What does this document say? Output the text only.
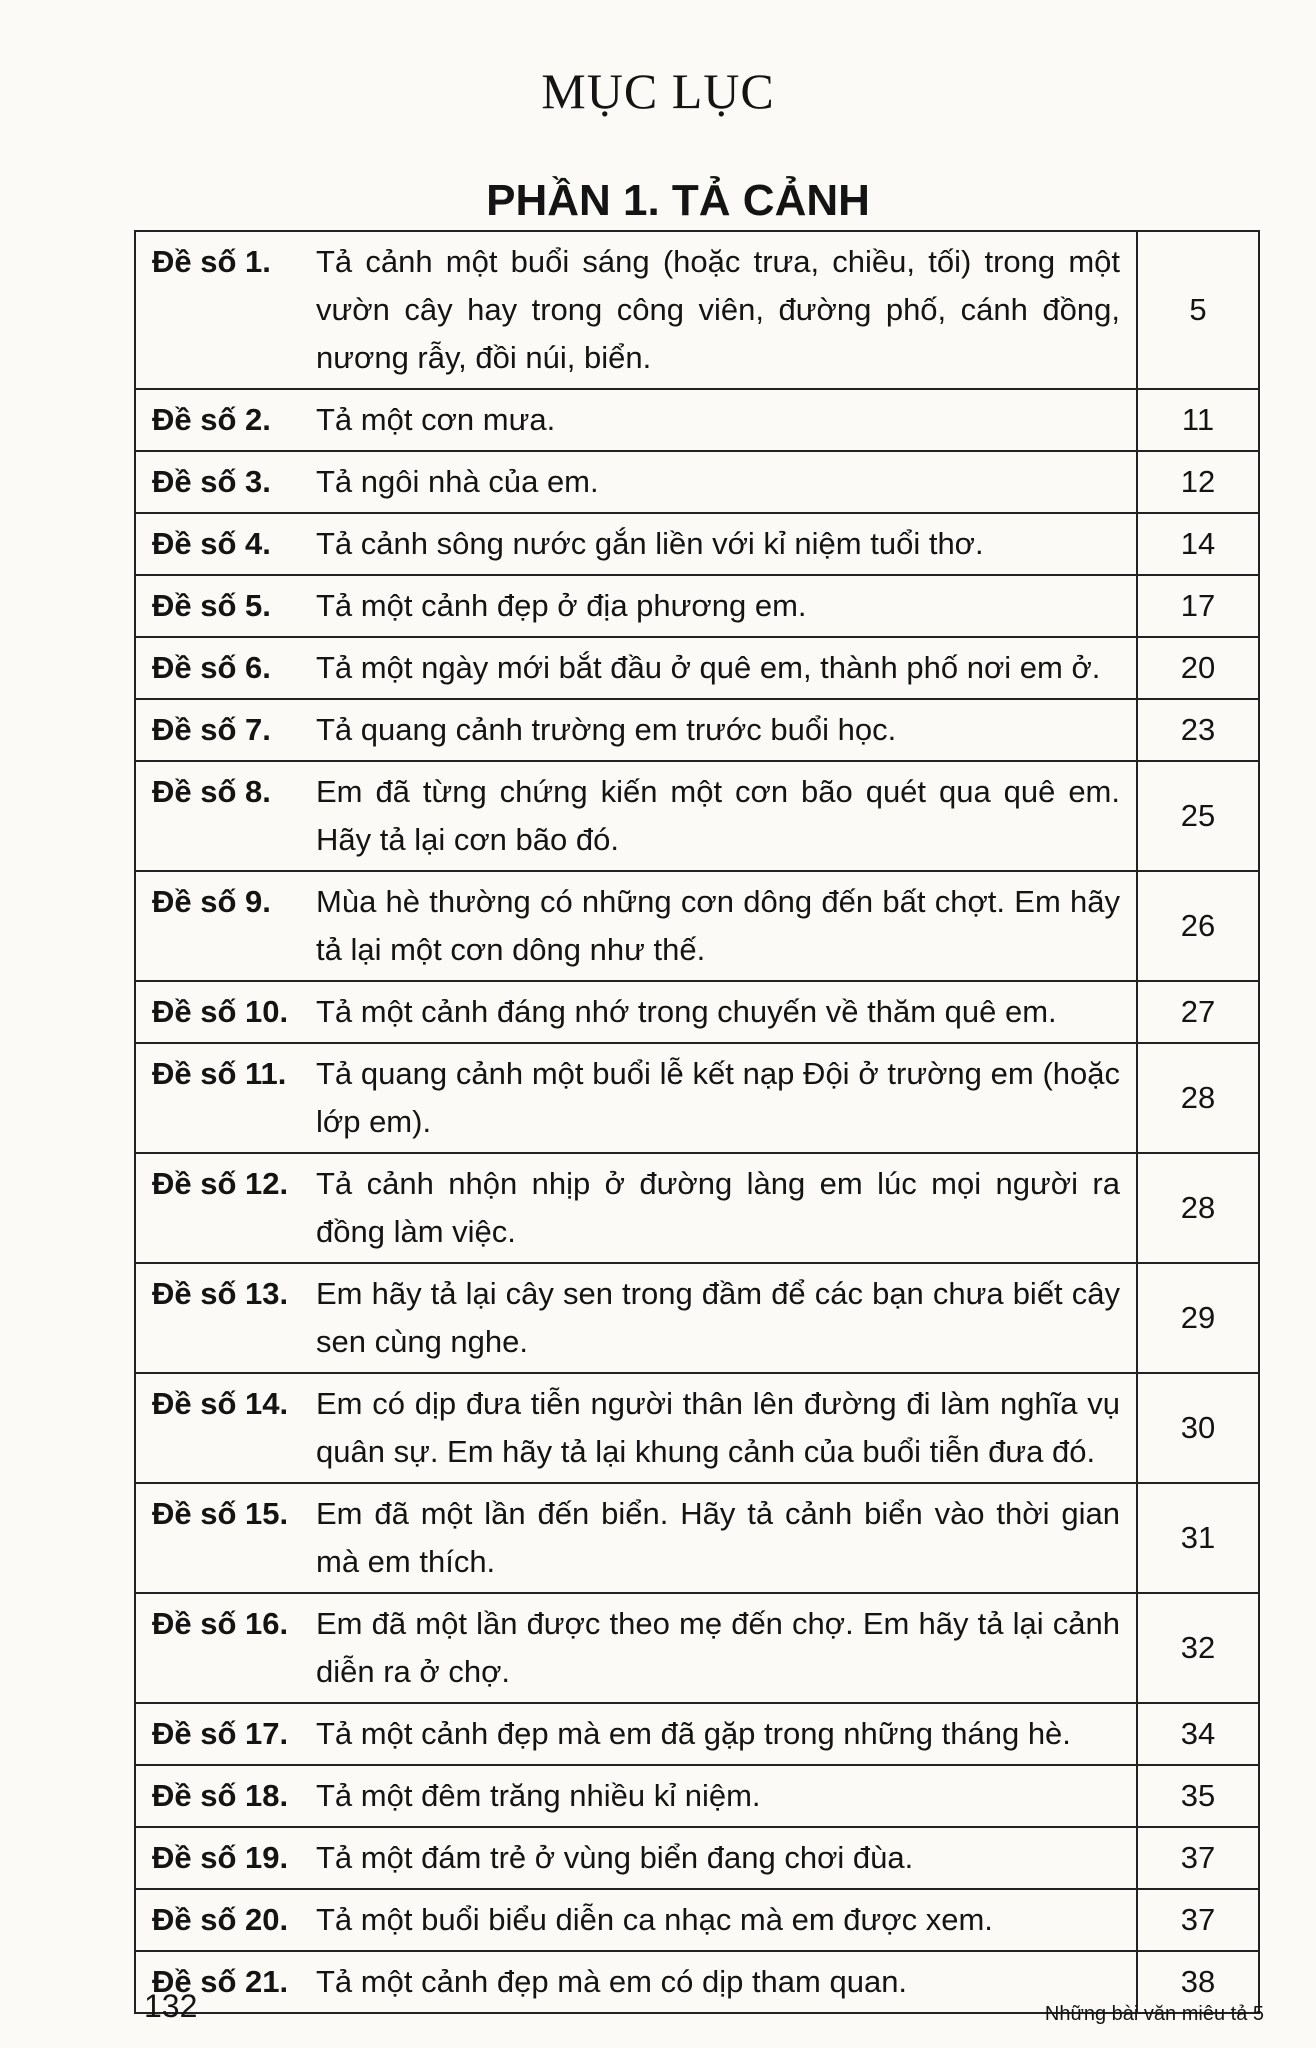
MỤC LỤC
PHẦN 1. TẢ CẢNH
Đề số 1. Tả cảnh một buổi sáng (hoặc trưa, chiều, tối) trong một vườn cây hay trong công viên, đường phố, cánh đồng, nương rẫy, đồi núi, biển.	5

Đề số 2. Tả một cơn mưa.	11

Đề số 3. Tả ngôi nhà của em.	12

Đề số 4. Tả cảnh sông nước gắn liền với kỉ niệm tuổi thơ.	14

Đề số 5. Tả một cảnh đẹp ở địa phương em.	17

Đề số 6. Tả một ngày mới bắt đầu ở quê em, thành phố nơi em ở.	20

Đề số 7. Tả quang cảnh trường em trước buổi học.	23

Đề số 8. Em đã từng chứng kiến một cơn bão quét qua quê em. Hãy tả lại cơn bão đó.	25

Đề số 9. Mùa hè thường có những cơn dông đến bất chợt. Em hãy tả lại một cơn dông như thế.	26

Đề số 10. Tả một cảnh đáng nhớ trong chuyến về thăm quê em.	27

Đề số 11. Tả quang cảnh một buổi lễ kết nạp Đội ở trường em (hoặc lớp em).	28

Đề số 12. Tả cảnh nhộn nhịp ở đường làng em lúc mọi người ra đồng làm việc.	28

Đề số 13. Em hãy tả lại cây sen trong đầm để các bạn chưa biết cây sen cùng nghe.	29

Đề số 14. Em có dịp đưa tiễn người thân lên đường đi làm nghĩa vụ quân sự. Em hãy tả lại khung cảnh của buổi tiễn đưa đó.	30

Đề số 15. Em đã một lần đến biển. Hãy tả cảnh biển vào thời gian mà em thích.	31

Đề số 16. Em đã một lần được theo mẹ đến chợ. Em hãy tả lại cảnh diễn ra ở chợ.	32

Đề số 17. Tả một cảnh đẹp mà em đã gặp trong những tháng hè.	34

Đề số 18. Tả một đêm trăng nhiều kỉ niệm.	35

Đề số 19. Tả một đám trẻ ở vùng biển đang chơi đùa.	37

Đề số 20. Tả một buổi biểu diễn ca nhạc mà em được xem.	37

Đề số 21. Tả một cảnh đẹp mà em có dịp tham quan.	38
132	Những bài văn miêu tả 5
